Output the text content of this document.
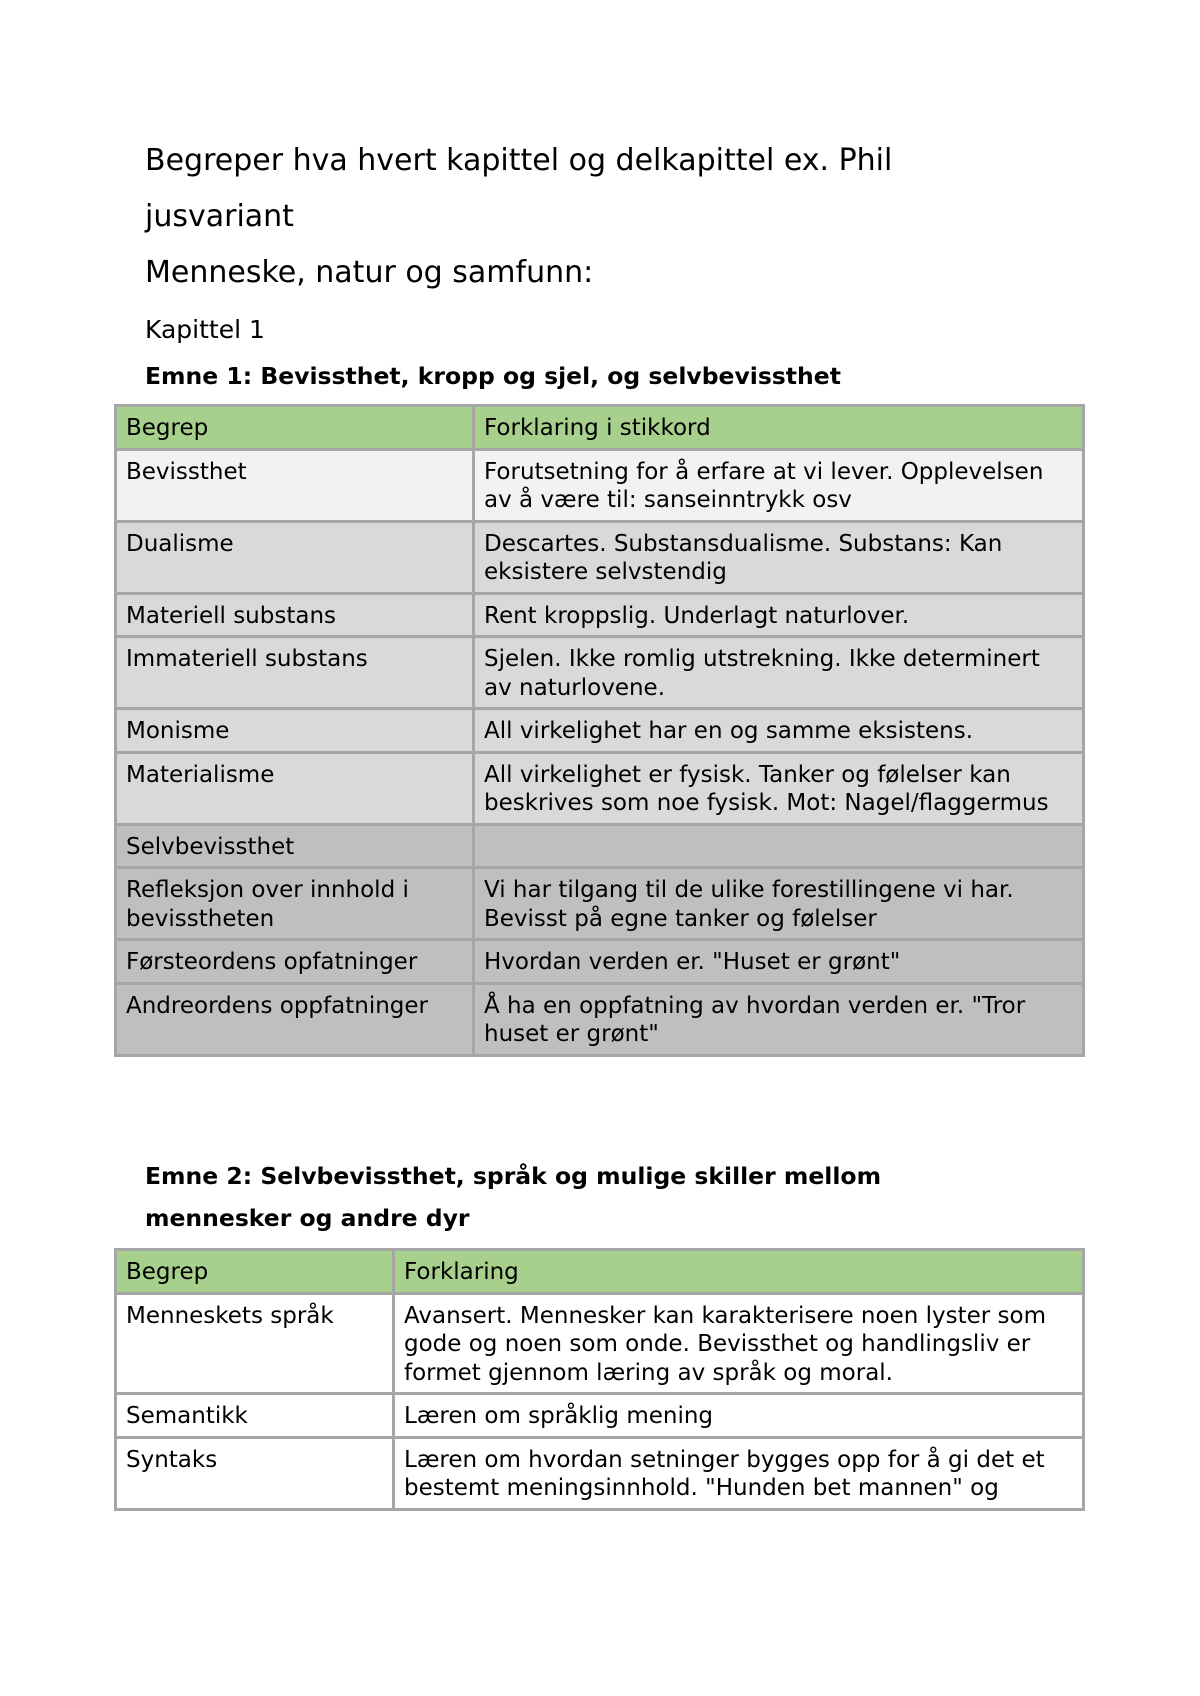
Begreper hva hvert kapittel og delkapittel ex. Phil
jusvariant
Menneske, natur og samfunn:
Kapittel 1
Emne 1: Bevissthet, kropp og sjel, og selvbevissthet
Begrep	Forklaring i stikkord
Bevissthet	Forutsetning for å erfare at vi lever. Opplevelsen av å være til: sanseinntrykk osv
Dualisme	Descartes. Substansdualisme. Substans: Kan eksistere selvstendig
Materiell substans	Rent kroppslig. Underlagt naturlover.
Immateriell substans	Sjelen. Ikke romlig utstrekning. Ikke determinert av naturlovene.
Monisme	All virkelighet har en og samme eksistens.
Materialisme	All virkelighet er fysisk. Tanker og følelser kan beskrives som noe fysisk. Mot: Nagel/flaggermus
Selvbevissthet	
Refleksjon over innhold i bevisstheten	Vi har tilgang til de ulike forestillingene vi har. Bevisst på egne tanker og følelser
Førsteordens opfatninger	Hvordan verden er. "Huset er grønt"
Andreordens oppfatninger	Å ha en oppfatning av hvordan verden er. "Tror huset er grønt"
Emne 2: Selvbevissthet, språk og mulige skiller mellom
mennesker og andre dyr
Begrep	Forklaring
Menneskets språk	Avansert. Mennesker kan karakterisere noen lyster som gode og noen som onde. Bevissthet og handlingsliv er formet gjennom læring av språk og moral.
Semantikk	Læren om språklig mening
Syntaks	Læren om hvordan setninger bygges opp for å gi det et bestemt meningsinnhold. "Hunden bet mannen" og
